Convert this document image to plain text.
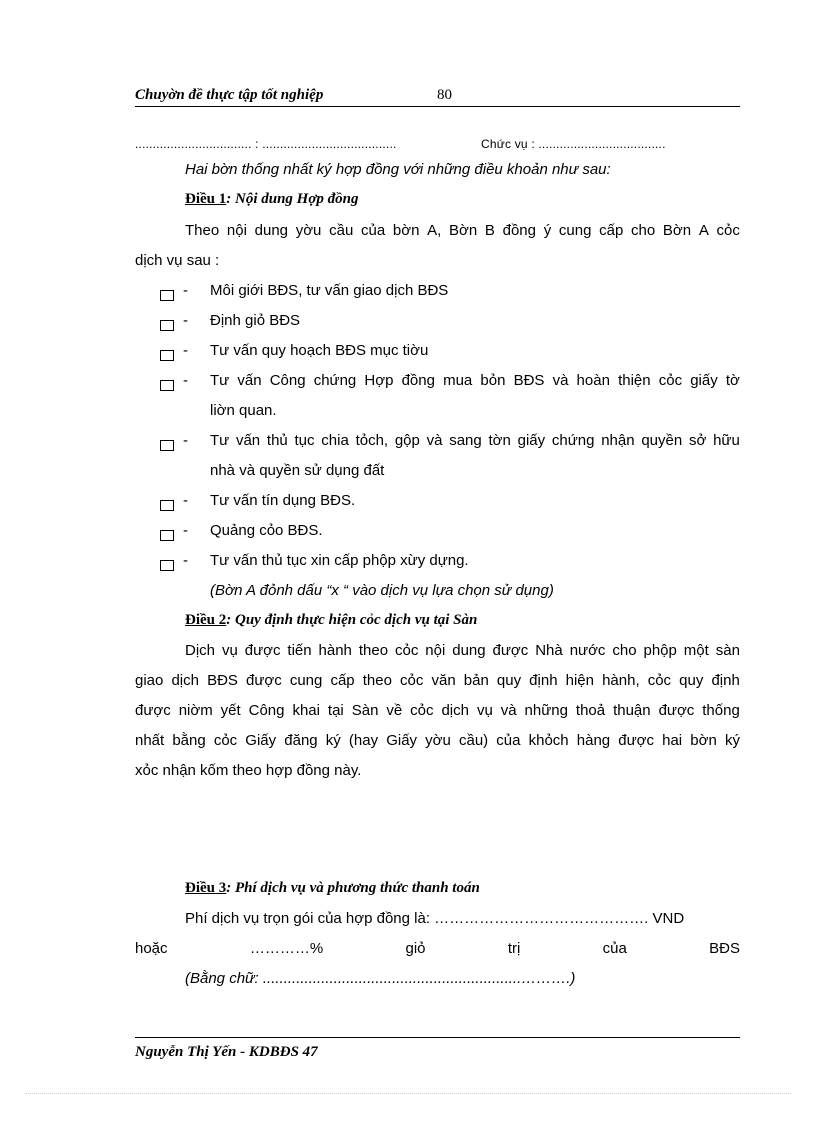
Chuyờn đề thực tập tốt nghiệp	80
................................. : ......................................	Chức vụ : ....................................
Hai bờn thống nhất ký hợp đồng với những điều khoản như sau:
Điều 1: Nội dung Hợp đồng
Theo nội dung yờu cầu của bờn A, Bờn B đồng ý cung cấp cho Bờn A cỏc
dịch vụ sau :
- Môi giới BĐS, tư vấn giao dịch BĐS
- Định giỏ BĐS
- Tư vấn quy hoạch BĐS mục tiờu
- Tư vấn Công chứng Hợp đồng mua bỏn BĐS và hoàn thiện cỏc giấy tờ
liờn quan.
- Tư vấn thủ tục chia tỏch, gộp và sang tờn giấy chứng nhận quyền sở hữu
nhà và quyền sử dụng đất
- Tư vấn tín dụng BĐS.
- Quảng cỏo BĐS.
- Tư vấn thủ tục xin cấp phộp xừy dựng.
(Bờn A đỏnh dấu “x “ vào dịch vụ lựa chọn sử dụng)
Điều 2: Quy định thực hiện cỏc dịch vụ tại Sàn
Dịch vụ được tiến hành theo cỏc nội dung được Nhà nước cho phộp một sàn
giao dịch BĐS được cung cấp theo cỏc văn bản quy định hiện hành, cỏc quy định
được niờm yết Công khai tại Sàn về cỏc dịch vụ và những thoả thuận được thống
nhất bằng cỏc Giấy đăng ký (hay Giấy yờu cầu) của khỏch hàng được hai bờn ký
xỏc nhận kốm theo hợp đồng này.
Điều 3: Phí dịch vụ và phương thức thanh toán
Phí dịch vụ trọn gói của hợp đồng là: ……………………………………. VND
hoặc	…………%	giỏ	trị	của	BĐS
(Bằng chữ: ..............................................................……….)
Nguyễn Thị Yến - KDBĐS 47
